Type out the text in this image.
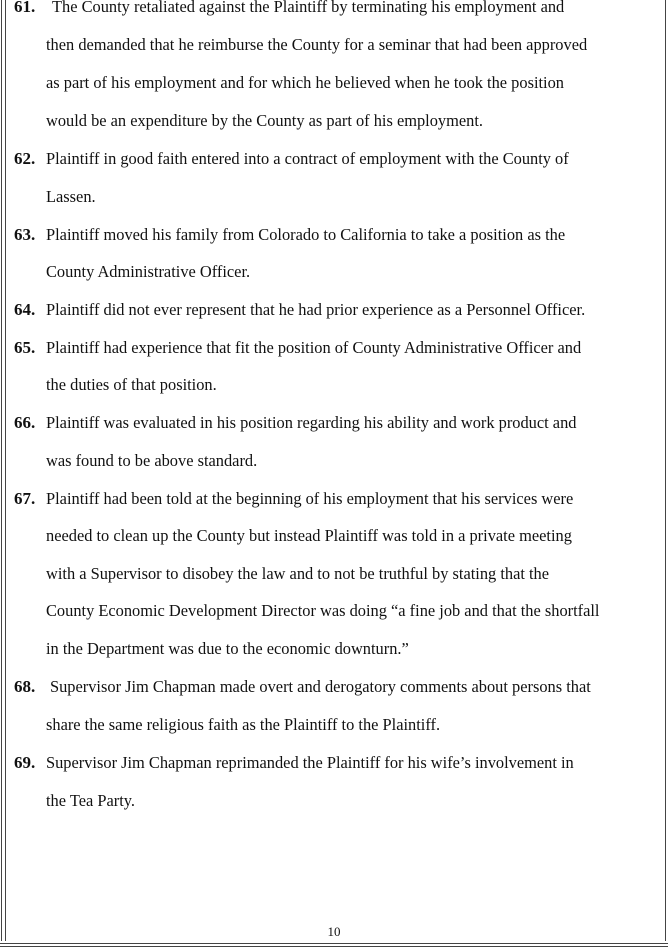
61. The County retaliated against the Plaintiff by terminating his employment and
then demanded that he reimburse the County for a seminar that had been approved
as part of his employment and for which he believed when he took the position
would be an expenditure by the County as part of his employment.
62. Plaintiff in good faith entered into a contract of employment with the County of
Lassen.
63. Plaintiff moved his family from Colorado to California to take a position as the
County Administrative Officer.
64. Plaintiff did not ever represent that he had prior experience as a Personnel Officer.
65. Plaintiff had experience that fit the position of County Administrative Officer and
the duties of that position.
66. Plaintiff was evaluated in his position regarding his ability and work product and
was found to be above standard.
67. Plaintiff had been told at the beginning of his employment that his services were
needed to clean up the County but instead Plaintiff was told in a private meeting
with a Supervisor to disobey the law and to not be truthful by stating that the
County Economic Development Director was doing “a fine job and that the shortfall
in the Department was due to the economic downturn.”
68. Supervisor Jim Chapman made overt and derogatory comments about persons that
share the same religious faith as the Plaintiff to the Plaintiff.
69. Supervisor Jim Chapman reprimanded the Plaintiff for his wife’s involvement in
the Tea Party.
10
